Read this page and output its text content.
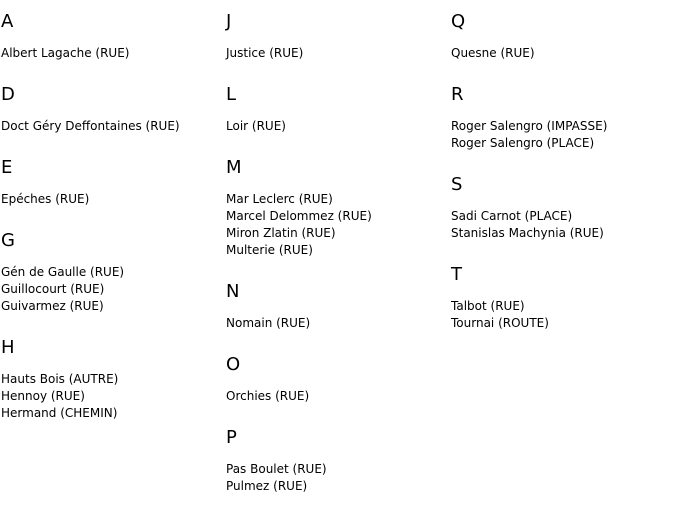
A
Albert Lagache (RUE)
D
Doct Géry Deffontaines (RUE)
E
Epéches (RUE)
G
Gén de Gaulle (RUE)
Guillocourt (RUE)
Guivarmez (RUE)
H
Hauts Bois (AUTRE)
Hennoy (RUE)
Hermand (CHEMIN)
J
Justice (RUE)
L
Loir (RUE)
M
Mar Leclerc (RUE)
Marcel Delommez (RUE)
Miron Zlatin (RUE)
Multerie (RUE)
N
Nomain (RUE)
O
Orchies (RUE)
P
Pas Boulet (RUE)
Pulmez (RUE)
Q
Quesne (RUE)
R
Roger Salengro (IMPASSE)
Roger Salengro (PLACE)
S
Sadi Carnot (PLACE)
Stanislas Machynia (RUE)
T
Talbot (RUE)
Tournai (ROUTE)
